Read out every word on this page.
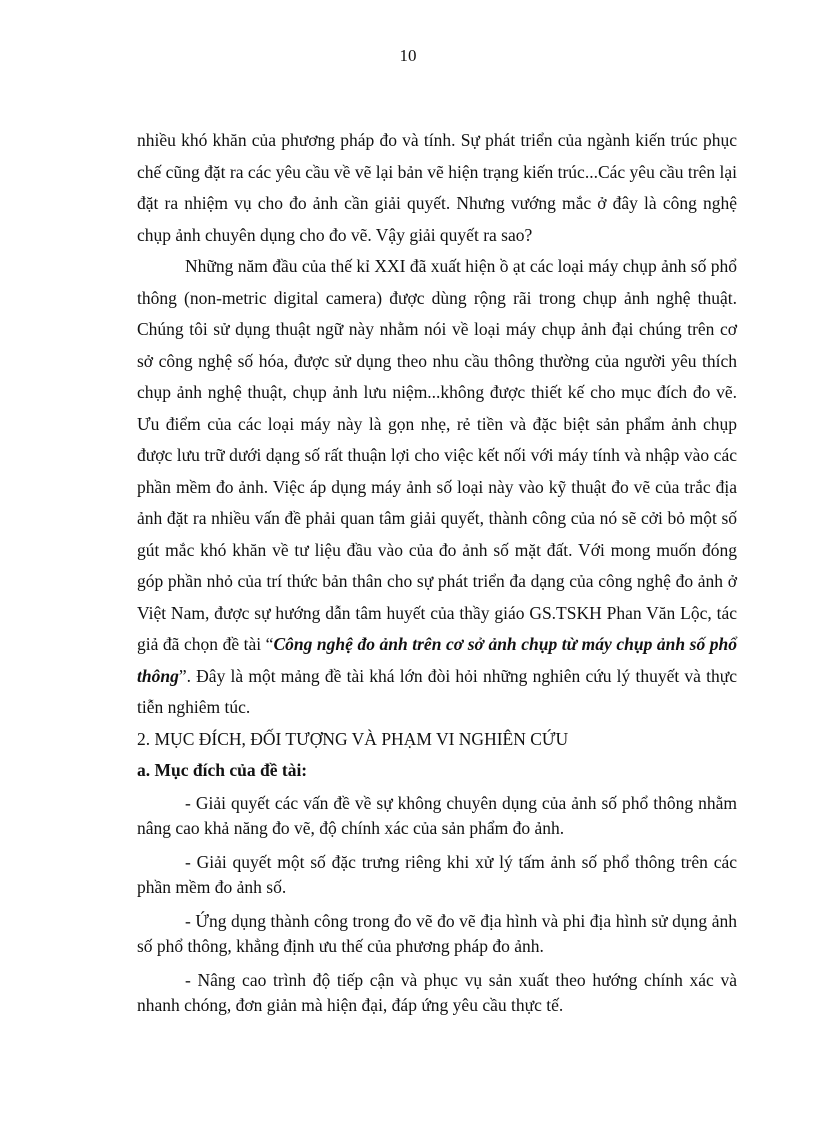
10

nhiều khó khăn của phương pháp đo và tính. Sự phát triển của ngành kiến trúc phục chế cũng đặt ra các yêu cầu về vẽ lại bản vẽ hiện trạng kiến trúc...Các yêu cầu trên lại đặt ra nhiệm vụ cho đo ảnh cần giải quyết. Nhưng vướng mắc ở đây là công nghệ chụp ảnh chuyên dụng cho đo vẽ. Vậy giải quyết ra sao?

Những năm đầu của thế kỉ XXI đã xuất hiện ồ ạt các loại máy chụp ảnh số phổ thông (non-metric digital camera) được dùng rộng rãi trong chụp ảnh nghệ thuật. Chúng tôi sử dụng thuật ngữ này nhằm nói về loại máy chụp ảnh đại chúng trên cơ sở công nghệ số hóa, được sử dụng theo nhu cầu thông thường của người yêu thích chụp ảnh nghệ thuật, chụp ảnh lưu niệm...không được thiết kế cho mục đích đo vẽ. Ưu điểm của các loại máy này là gọn nhẹ, rẻ tiền và đặc biệt sản phẩm ảnh chụp được lưu trữ dưới dạng số rất thuận lợi cho việc kết nối với máy tính và nhập vào các phần mềm đo ảnh. Việc áp dụng máy ảnh số loại này vào kỹ thuật đo vẽ của trắc địa ảnh đặt ra nhiều vấn đề phải quan tâm giải quyết, thành công của nó sẽ cởi bỏ một số gút mắc khó khăn về tư liệu đầu vào của đo ảnh số mặt đất. Với mong muốn đóng góp phần nhỏ của trí thức bản thân cho sự phát triển đa dạng của công nghệ đo ảnh ở Việt Nam, được sự hướng dẫn tâm huyết của thầy giáo GS.TSKH Phan Văn Lộc, tác giả đã chọn đề tài “Công nghệ đo ảnh trên cơ sở ảnh chụp từ máy chụp ảnh số phổ thông”. Đây là một mảng đề tài khá lớn đòi hỏi những nghiên cứu lý thuyết và thực tiễn nghiêm túc.

2. MỤC ĐÍCH, ĐỐI TƯỢNG VÀ PHẠM VI NGHIÊN CỨU

a. Mục đích của đề tài:

- Giải quyết các vấn đề về sự không chuyên dụng của ảnh số phổ thông nhằm nâng cao khả năng đo vẽ, độ chính xác của sản phẩm đo ảnh.

- Giải quyết một số đặc trưng riêng khi xử lý tấm ảnh số phổ thông trên các phần mềm đo ảnh số.

- Ứng dụng thành công trong đo vẽ đo vẽ địa hình và phi địa hình sử dụng ảnh số phổ thông, khẳng định ưu thế của phương pháp đo ảnh.

- Nâng cao trình độ tiếp cận và phục vụ sản xuất theo hướng chính xác và nhanh chóng, đơn giản mà hiện đại, đáp ứng yêu cầu thực tế.
